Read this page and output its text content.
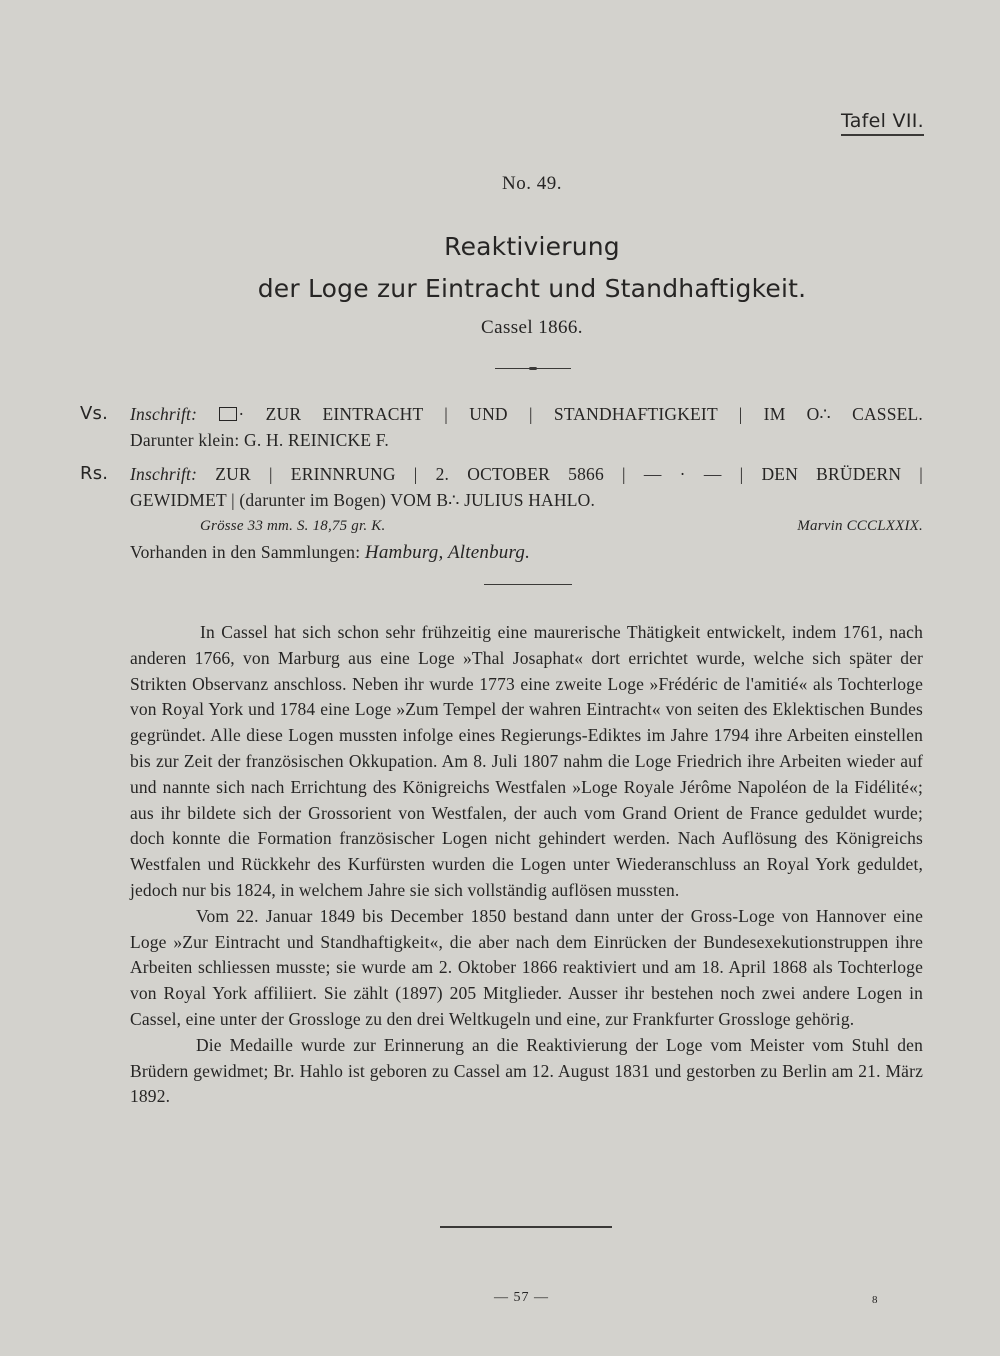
Tafel VII.
No. 49.
Reaktivierung
der Loge zur Eintracht und Standhaftigkeit.
Cassel 1866.
Vs. Inschrift: · ZUR EINTRACHT | UND | STANDHAFTIGKEIT | IM O∴ CASSEL.
Darunter klein: G. H. REINICKE F.
Rs. Inschrift: ZUR | ERINNRUNG | 2. OCTOBER 5866 | — · — | DEN BRÜDERN |
GEWIDMET | (darunter im Bogen) VOM B∴ JULIUS HAHLO.
Grösse 33 mm. S. 18,75 gr. K.	Marvin CCCLXXIX.
Vorhanden in den Sammlungen: Hamburg, Altenburg.

In Cassel hat sich schon sehr frühzeitig eine maurerische Thätigkeit entwickelt, indem 1761, nach anderen 1766, von Marburg aus eine Loge »Thal Josaphat« dort errichtet wurde, welche sich später der Strikten Observanz anschloss. Neben ihr wurde 1773 eine zweite Loge »Frédéric de l'amitié« als Tochterloge von Royal York und 1784 eine Loge »Zum Tempel der wahren Eintracht« von seiten des Eklektischen Bundes gegründet. Alle diese Logen mussten infolge eines Regierungs-Ediktes im Jahre 1794 ihre Arbeiten einstellen bis zur Zeit der französischen Okkupation. Am 8. Juli 1807 nahm die Loge Friedrich ihre Arbeiten wieder auf und nannte sich nach Errichtung des Königreichs Westfalen »Loge Royale Jérôme Napoléon de la Fidélité«; aus ihr bildete sich der Grossorient von Westfalen, der auch vom Grand Orient de France geduldet wurde; doch konnte die Formation französischer Logen nicht gehindert werden. Nach Auflösung des Königreichs Westfalen und Rückkehr des Kurfürsten wurden die Logen unter Wiederanschluss an Royal York geduldet, jedoch nur bis 1824, in welchem Jahre sie sich vollständig auflösen mussten.

Vom 22. Januar 1849 bis December 1850 bestand dann unter der Gross-Loge von Hannover eine Loge »Zur Eintracht und Standhaftigkeit«, die aber nach dem Einrücken der Bundesexekutionstruppen ihre Arbeiten schliessen musste; sie wurde am 2. Oktober 1866 reaktiviert und am 18. April 1868 als Tochterloge von Royal York affiliiert. Sie zählt (1897) 205 Mitglieder. Ausser ihr bestehen noch zwei andere Logen in Cassel, eine unter der Grossloge zu den drei Weltkugeln und eine, zur Frankfurter Grossloge gehörig.

Die Medaille wurde zur Erinnerung an die Reaktivierung der Loge vom Meister vom Stuhl den Brüdern gewidmet; Br. Hahlo ist geboren zu Cassel am 12. August 1831 und gestorben zu Berlin am 21. März 1892.

— 57 —	8
